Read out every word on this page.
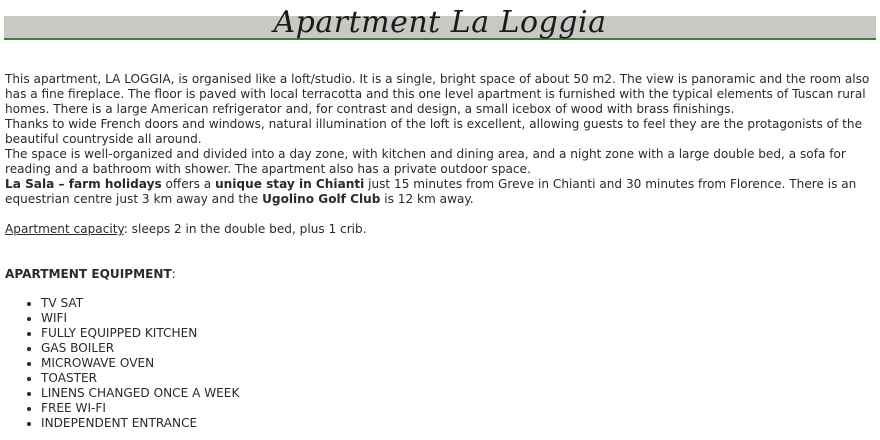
Apartment La Loggia

This apartment, LA LOGGIA, is organised like a loft/studio. It is a single, bright space of about 50 m2. The view is panoramic and the room also has a fine fireplace. The floor is paved with local terracotta and this one level apartment is furnished with the typical elements of Tuscan rural homes. There is a large American refrigerator and, for contrast and design, a small icebox of wood with brass finishings.

Thanks to wide French doors and windows, natural illumination of the loft is excellent, allowing guests to feel they are the protagonists of the beautiful countryside all around.

The space is well-organized and divided into a day zone, with kitchen and dining area, and a night zone with a large double bed, a sofa for reading and a bathroom with shower. The apartment also has a private outdoor space.

La Sala – farm holidays offers a unique stay in Chianti just 15 minutes from Greve in Chianti and 30 minutes from Florence. There is an equestrian centre just 3 km away and the Ugolino Golf Club is 12 km away.

Apartment capacity: sleeps 2 in the double bed, plus 1 crib.

APARTMENT EQUIPMENT:

• TV SAT
• WIFI
• FULLY EQUIPPED KITCHEN
• GAS BOILER
• MICROWAVE OVEN
• TOASTER
• LINENS CHANGED ONCE A WEEK
• FREE WI-FI
• INDEPENDENT ENTRANCE
